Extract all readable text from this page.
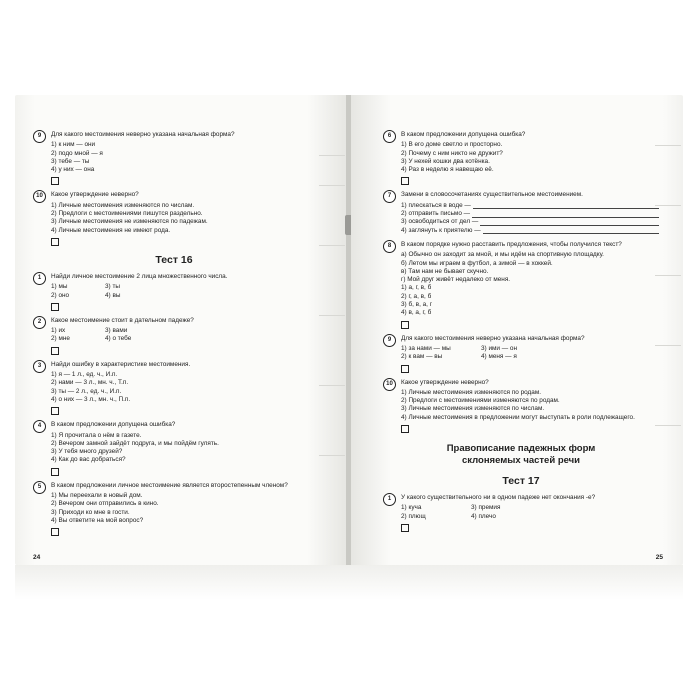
9	Для какого местоимения неверно указана начальная форма?
1) к ним — они
2) подо мной — я
3) тебе — ты
4) у них — она
10	Какое утверждение неверно?
1) Личные местоимения изменяются по числам.
2) Предлоги с местоимениями пишутся раздельно.
3) Личные местоимения не изменяются по падежам.
4) Личные местоимения не имеют рода.
Тест 16
1	Найди личное местоимение 2 лица множественного числа.
1) мы	3) ты
2) оно	4) вы
2	Какое местоимение стоит в дательном падеже?
1) их	3) вами
2) мне	4) о тебе
3	Найди ошибку в характеристике местоимения.
1) я — 1 л., ед. ч., И.п.
2) нами — 3 л., мн. ч., Т.п.
3) ты — 2 л., ед. ч., И.п.
4) о них — 3 л., мн. ч., П.п.
4	В каком предложении допущена ошибка?
1) Я прочитала о нём в газете.
2) Вечером замной зайдёт подруга, и мы пойдём гулять.
3) У тебя много друзей?
4) Как до вас добраться?
5	В каком предложении личное местоимение является второстепенным членом?
1) Мы переехали в новый дом.
2) Вечером они отправились в кино.
3) Приходи ко мне в гости.
4) Вы ответите на мой вопрос?
24
6	В каком предложении допущена ошибка?
1) В его доме светло и просторно.
2) Почему с ним никто не дружит?
3) У нехей кошки два котёнка.
4) Раз в неделю я навещаю её.
7	Замени в словосочетаниях существительное местоимением.
1) плескаться в воде —
2) отправить письмо —
3) освободиться от дел —
4) заглянуть к приятелю —
8	В каком порядке нужно расставить предложения, чтобы получился текст?
а) Обычно он заходит за мной, и мы идём на спортивную площадку.
б) Летом мы играем в футбол, а зимой — в хоккей.
в) Там нам не бывает скучно.
г) Мой друг живёт недалеко от меня.
1) а, г, в, б
2) г, а, в, б
3) б, в, а, г
4) в, а, г, б
9	Для какого местоимения неверно указана начальная форма?
1) за нами — мы	3) ими — он
2) к вам — вы	4) меня — я
10	Какое утверждение неверно?
1) Личные местоимения изменяются по родам.
2) Предлоги с местоимениями изменяются по родам.
3) Личные местоимения изменяются по числам.
4) Личные местоимения в предложении могут выступать в роли подлежащего.
Правописание падежных форм
склоняемых частей речи
Тест 17
1	У какого существительного ни в одном падеже нет окончания -е?
1) куча	3) премия
2) плющ	4) плечо
25
